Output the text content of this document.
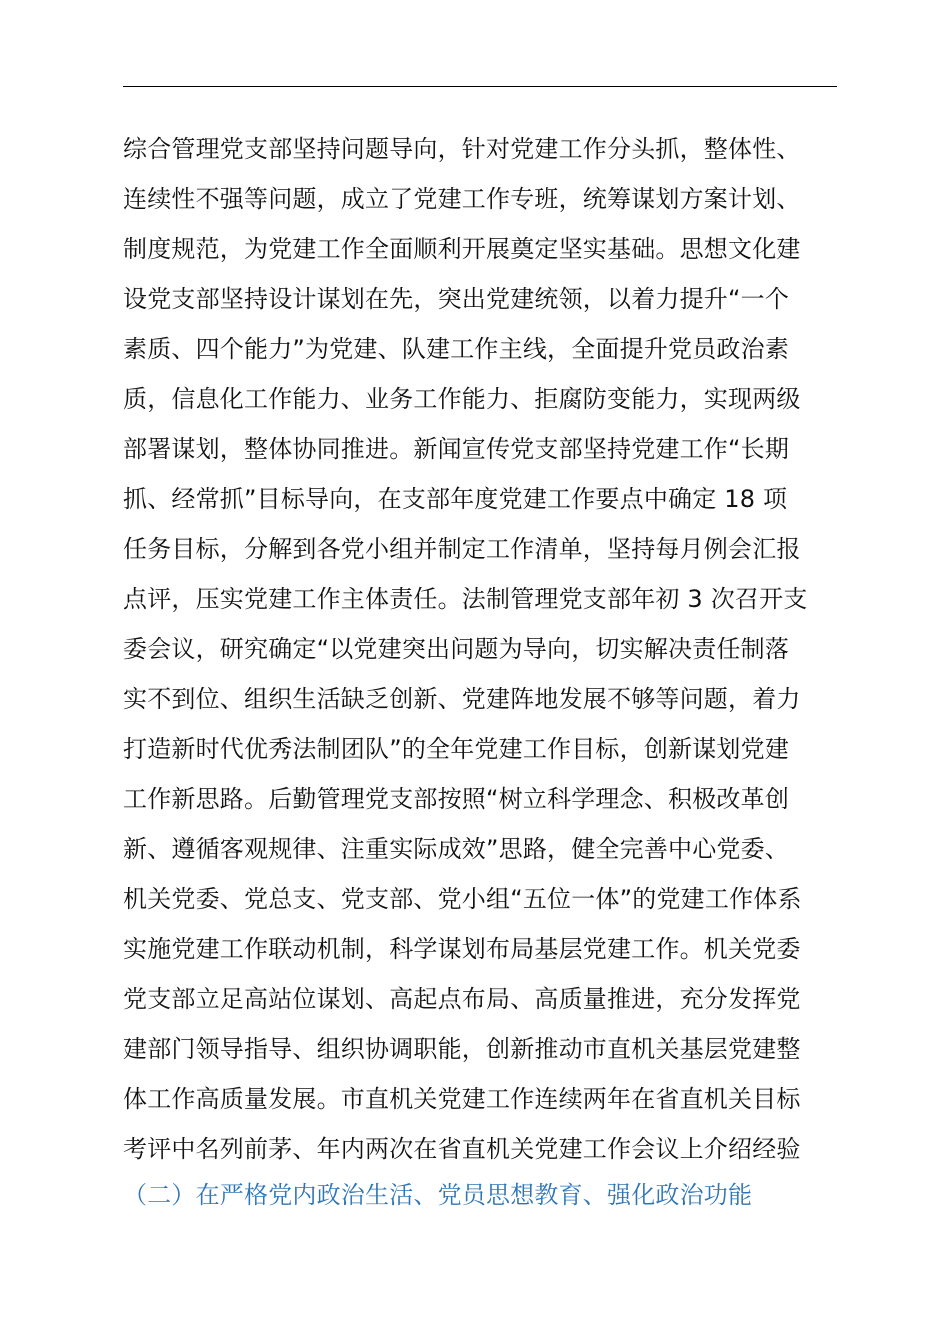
综合管理党支部坚持问题导向，针对党建工作分头抓，整体性、
连续性不强等问题，成立了党建工作专班，统筹谋划方案计划、
制度规范，为党建工作全面顺利开展奠定坚实基础。思想文化建
设党支部坚持设计谋划在先，突出党建统领，以着力提升“一个
素质、四个能力”为党建、队建工作主线，全面提升党员政治素
质，信息化工作能力、业务工作能力、拒腐防变能力，实现两级
部署谋划，整体协同推进。新闻宣传党支部坚持党建工作“长期
抓、经常抓”目标导向，在支部年度党建工作要点中确定 18 项
任务目标，分解到各党小组并制定工作清单，坚持每月例会汇报
点评，压实党建工作主体责任。法制管理党支部年初 3 次召开支
委会议，研究确定“以党建突出问题为导向，切实解决责任制落
实不到位、组织生活缺乏创新、党建阵地发展不够等问题，着力
打造新时代优秀法制团队”的全年党建工作目标，创新谋划党建
工作新思路。后勤管理党支部按照“树立科学理念、积极改革创
新、遵循客观规律、注重实际成效”思路，健全完善中心党委、
机关党委、党总支、党支部、党小组“五位一体”的党建工作体系
实施党建工作联动机制，科学谋划布局基层党建工作。机关党委
党支部立足高站位谋划、高起点布局、高质量推进，充分发挥党
建部门领导指导、组织协调职能，创新推动市直机关基层党建整
体工作高质量发展。市直机关党建工作连续两年在省直机关目标
考评中名列前茅、年内两次在省直机关党建工作会议上介绍经验
（二）在严格党内政治生活、党员思想教育、强化政治功能
